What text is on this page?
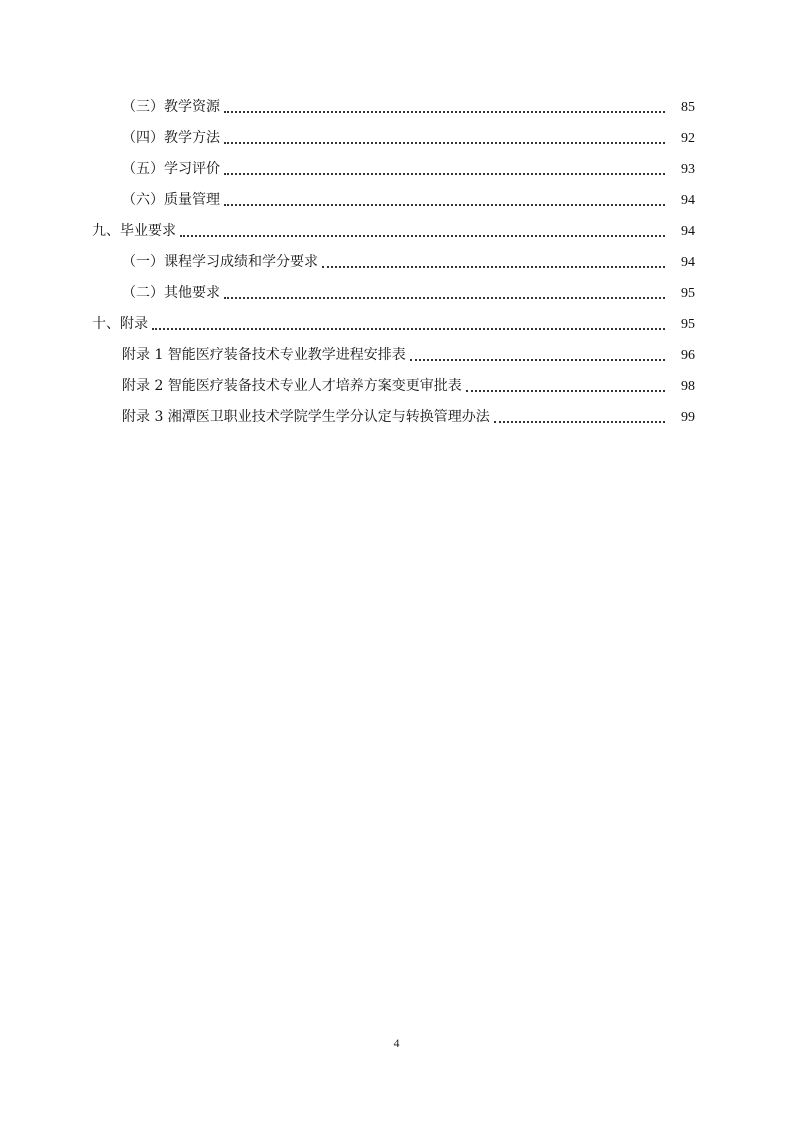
（三）教学资源	85
（四）教学方法	92
（五）学习评价	93
（六）质量管理	94
九、毕业要求	94
（一）课程学习成绩和学分要求	94
（二）其他要求	95
十、附录	95
附录 1 智能医疗装备技术专业教学进程安排表	96
附录 2 智能医疗装备技术专业人才培养方案变更审批表	98
附录 3 湘潭医卫职业技术学院学生学分认定与转换管理办法	99
4
